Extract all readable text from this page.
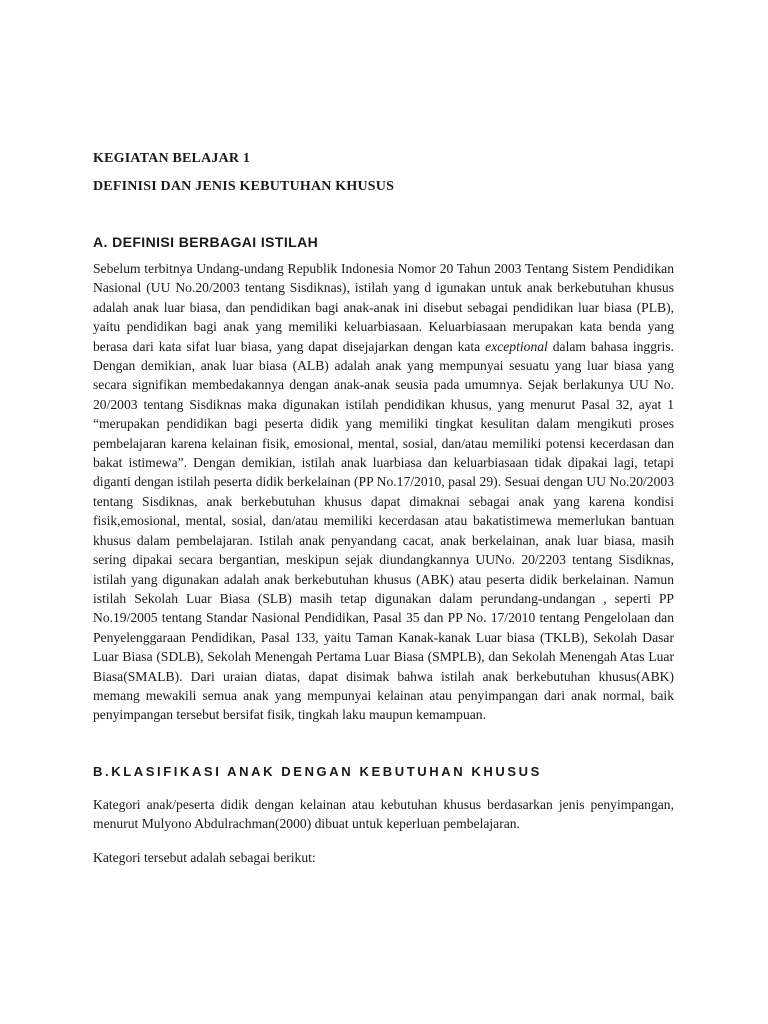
KEGIATAN BELAJAR 1

DEFINISI DAN JENIS KEBUTUHAN KHUSUS

A. DEFINISI BERBAGAI ISTILAH

Sebelum terbitnya Undang-undang Republik Indonesia Nomor 20 Tahun 2003 Tentang Sistem Pendidikan Nasional (UU No.20/2003 tentang Sisdiknas), istilah yang d igunakan untuk anak berkebutuhan khusus adalah anak luar biasa, dan pendidikan bagi anak-anak ini disebut sebagai pendidikan luar biasa (PLB), yaitu pendidikan bagi anak yang memiliki keluarbiasaan. Keluarbiasaan merupakan kata benda yang berasa dari kata sifat luar biasa, yang dapat disejajarkan dengan kata exceptional dalam bahasa inggris. Dengan demikian, anak luar biasa (ALB) adalah anak yang mempunyai sesuatu yang luar biasa yang secara signifikan membedakannya dengan anak-anak seusia pada umumnya. Sejak berlakunya UU No. 20/2003 tentang Sisdiknas maka digunakan istilah pendidikan khusus, yang menurut Pasal 32, ayat 1 “merupakan pendidikan bagi peserta didik yang memiliki tingkat kesulitan dalam mengikuti proses pembelajaran karena kelainan fisik, emosional, mental, sosial, dan/atau memiliki potensi kecerdasan dan bakat istimewa”. Dengan demikian, istilah anak luarbiasa dan keluarbiasaan tidak dipakai lagi, tetapi diganti dengan istilah peserta didik berkelainan (PP No.17/2010, pasal 29). Sesuai dengan UU No.20/2003 tentang Sisdiknas, anak berkebutuhan khusus dapat dimaknai sebagai anak yang karena kondisi fisik,emosional, mental, sosial, dan/atau memiliki kecerdasan atau bakatistimewa memerlukan bantuan khusus dalam pembelajaran. Istilah anak penyandang cacat, anak berkelainan, anak luar biasa, masih sering dipakai secara bergantian, meskipun sejak diundangkannya UUNo. 20/2203 tentang Sisdiknas, istilah yang digunakan adalah anak berkebutuhan khusus (ABK) atau peserta didik berkelainan. Namun istilah Sekolah Luar Biasa (SLB) masih tetap digunakan dalam perundang-undangan , seperti PP No.19/2005 tentang Standar Nasional Pendidikan, Pasal 35 dan PP No. 17/2010 tentang Pengelolaan dan Penyelenggaraan Pendidikan, Pasal 133, yaitu Taman Kanak-kanak Luar biasa (TKLB), Sekolah Dasar Luar Biasa (SDLB), Sekolah Menengah Pertama Luar Biasa (SMPLB), dan Sekolah Menengah Atas Luar Biasa(SMALB). Dari uraian diatas, dapat disimak bahwa istilah anak berkebutuhan khusus(ABK) memang mewakili semua anak yang mempunyai kelainan atau penyimpangan dari anak normal, baik penyimpangan tersebut bersifat fisik, tingkah laku maupun kemampuan.

B.KLASIFIKASI ANAK DENGAN KEBUTUHAN KHUSUS

Kategori anak/peserta didik dengan kelainan atau kebutuhan khusus berdasarkan jenis penyimpangan, menurut Mulyono Abdulrachman(2000) dibuat untuk keperluan pembelajaran.

Kategori tersebut adalah sebagai berikut:
